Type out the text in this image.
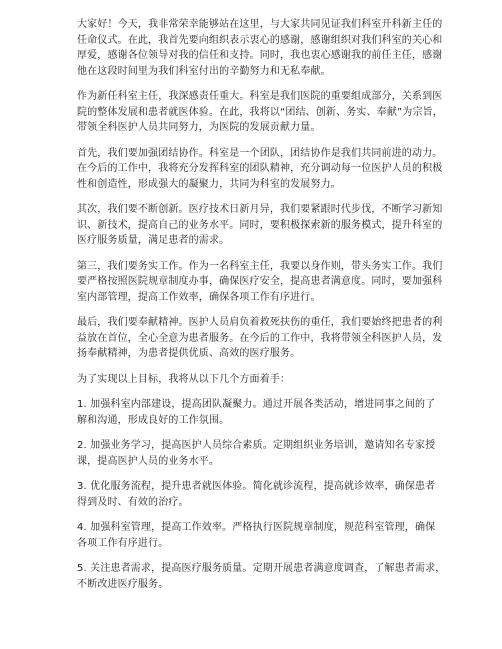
大家好！今天，我非常荣幸能够站在这里，与大家共同见证我们科室开科新主任的
任命仪式。在此，我首先要向组织表示衷心的感谢，感谢组织对我们科室的关心和
厚爱，感谢各位领导对我的信任和支持。同时，我也衷心感谢我的前任主任，感谢
他在这段时间里为我们科室付出的辛勤努力和无私奉献。

作为新任科室主任，我深感责任重大。科室是我们医院的重要组成部分，关系到医
院的整体发展和患者就医体验。在此，我将以“团结、创新、务实、奉献”为宗旨，
带领全科医护人员共同努力，为医院的发展贡献力量。

首先，我们要加强团结协作。科室是一个团队，团结协作是我们共同前进的动力。
在今后的工作中，我将充分发挥科室的团队精神，充分调动每一位医护人员的积极
性和创造性，形成强大的凝聚力，共同为科室的发展努力。

其次，我们要不断创新。医疗技术日新月异，我们要紧跟时代步伐，不断学习新知
识、新技术，提高自己的业务水平。同时，要积极探索新的服务模式，提升科室的
医疗服务质量，满足患者的需求。

第三，我们要务实工作。作为一名科室主任，我要以身作则，带头务实工作。我们
要严格按照医院规章制度办事，确保医疗安全，提高患者满意度。同时，要加强科
室内部管理，提高工作效率，确保各项工作有序进行。

最后，我们要奉献精神。医护人员肩负着救死扶伤的重任，我们要始终把患者的利
益放在首位，全心全意为患者服务。在今后的工作中，我将带领全科医护人员，发
扬奉献精神，为患者提供优质、高效的医疗服务。

为了实现以上目标，我将从以下几个方面着手：

1. 加强科室内部建设，提高团队凝聚力。通过开展各类活动，增进同事之间的了
解和沟通，形成良好的工作氛围。

2. 加强业务学习，提高医护人员综合素质。定期组织业务培训，邀请知名专家授
课，提高医护人员的业务水平。

3. 优化服务流程，提升患者就医体验。简化就诊流程，提高就诊效率，确保患者
得到及时、有效的治疗。

4. 加强科室管理，提高工作效率。严格执行医院规章制度，规范科室管理，确保
各项工作有序进行。

5. 关注患者需求，提高医疗服务质量。定期开展患者满意度调查，了解患者需求，
不断改进医疗服务。
